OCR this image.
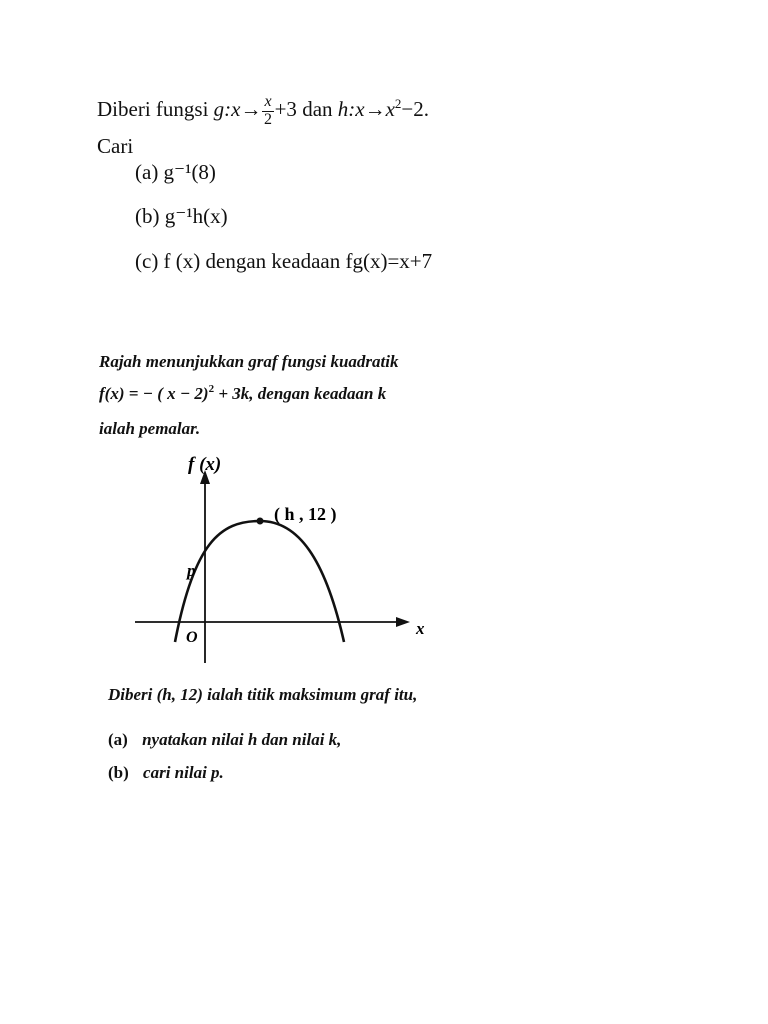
Diberi fungsi g:x→ $\frac{x}{2} +3$ dan $h:x\to x^2-2$.
Cari
(a) g⁻¹(8)
(b) g⁻¹h(x)
(c) f (x) dengan keadaan fg(x)=x+7
Rajah menunjukkan graf fungsi kuadratik
f(x) = − ( x − 2)$^2$ + 3k, dengan keadaan k
ialah pemalar.
f (x)
x
O
p
( h , 12 )
Diberi (h, 12) ialah titik maksimum graf itu,
(a) nyatakan nilai h dan nilai k,
(b) cari nilai p.
